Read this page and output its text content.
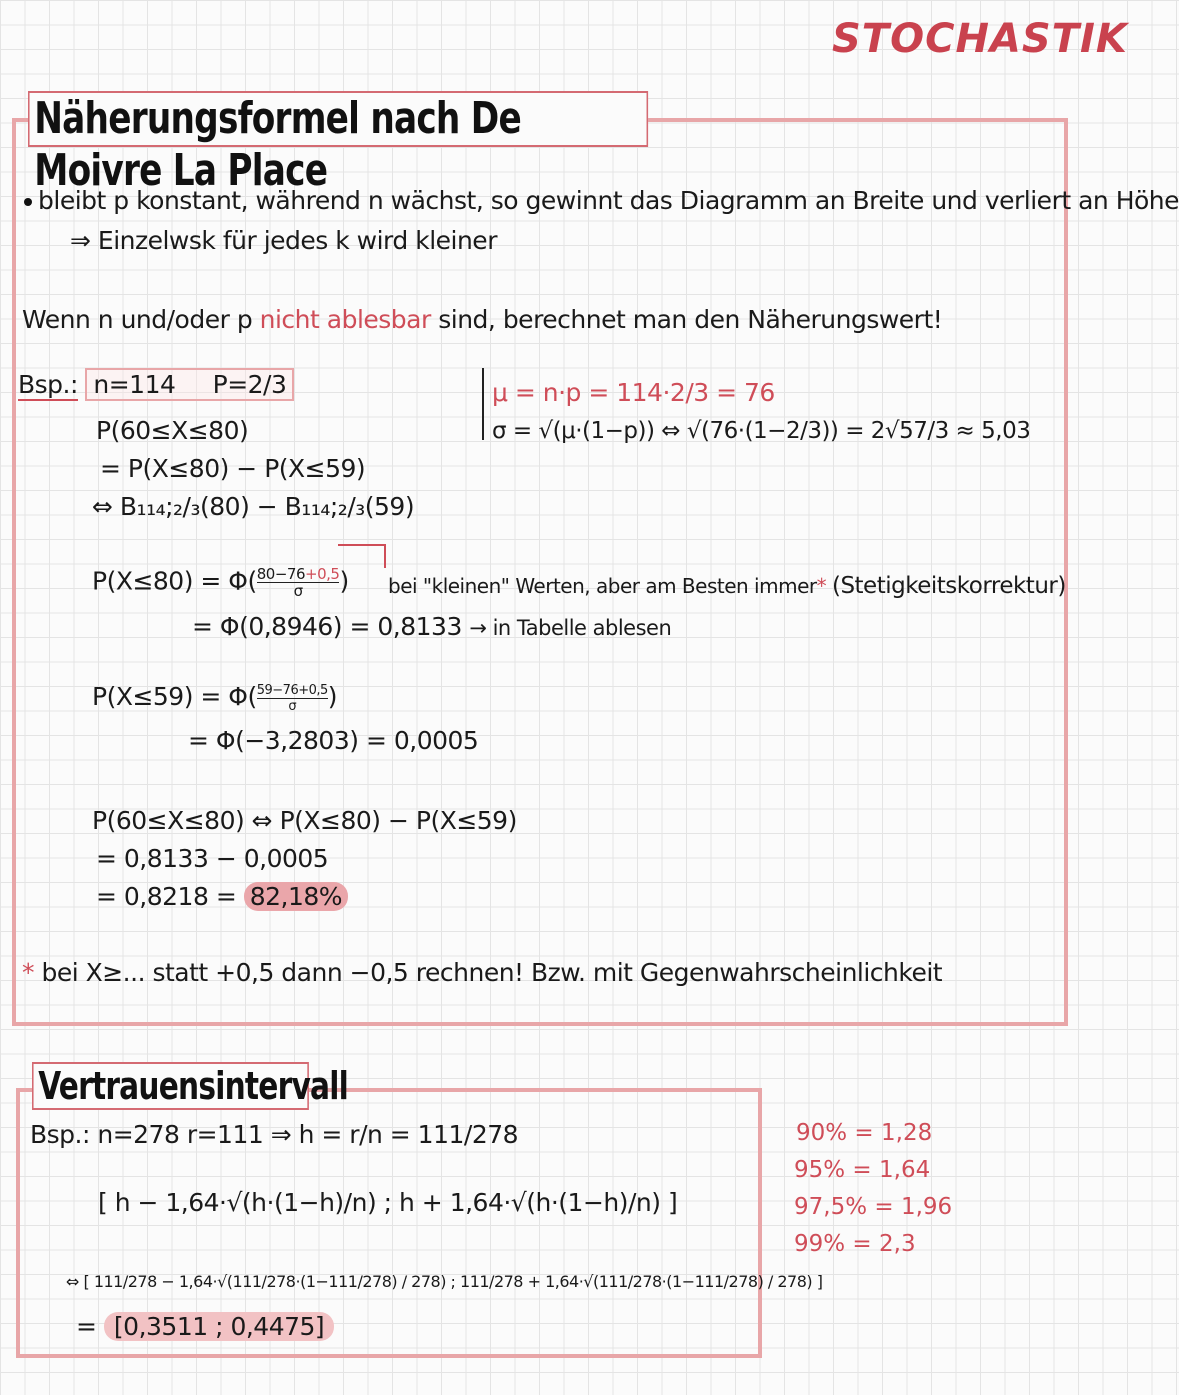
STOCHASTIK
Näherungsformel nach De Moivre La Place
bleibt p konstant, während n wächst, so gewinnt das Diagramm an Breite und verliert an Höhe
⇒ Einzelwsk für jedes k wird kleiner
Wenn n und/oder p nicht ablesbar sind, berechnet man den Näherungswert!
Bsp.: n=114     P=2/3
P(60≤X≤80)
= P(X≤80) − P(X≤59)
⇔ B₁₁₄;₂/₃(80) − B₁₁₄;₂/₃(59)
μ = n·p = 114·2/3 = 76
σ = √(μ·(1−p)) ⇔ √(76·(1−2/3)) = 2√57/3 ≈ 5,03
$P(X\le 80) = \Phi( \frac{80-76+0,5}{\sigma}$ ) bei "kleinen" Werten, aber am Besten immer* (Stetigkeitskorrektur)
= Φ(0,8946) = 0,8133 → in Tabelle ablesen
$P(X\le 59) = \Phi( \frac{59-76+0,5}{\sigma}$ )
= Φ(−3,2803) = 0,0005
P(60≤X≤80) ⇔ P(X≤80) − P(X≤59)
= 0,8133 − 0,0005
= 0,8218 = 82,18%
* bei X≥... statt +0,5 dann −0,5 rechnen! Bzw. mit Gegenwahrscheinlichkeit
Vertrauensintervall
Bsp.: n=278 r=111 ⇒ h = r/n = 111/278
[ h − 1,64·√(h·(1−h)/n) ; h + 1,64·√(h·(1−h)/n) ]
⇔ [ 111/278 − 1,64·√(111/278·(1−111/278) / 278) ; 111/278 + 1,64·√(111/278·(1−111/278) / 278) ]
= [0,3511 ; 0,4475]
90% = 1,28
95% = 1,64
97,5% = 1,96
99% = 2,3
